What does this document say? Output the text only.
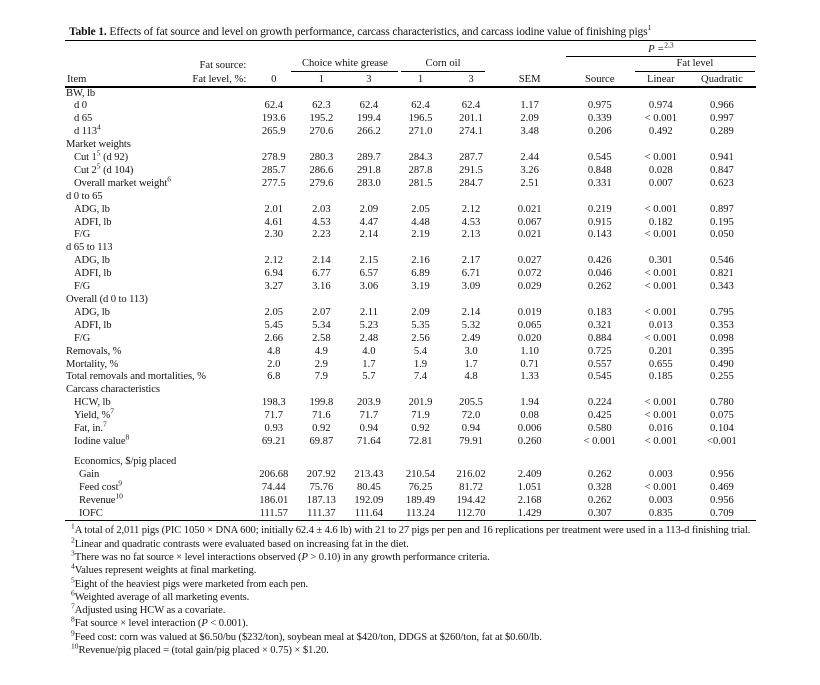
Table 1. Effects of fat source and level on growth performance, carcass characteristics, and carcass iodine value of finishing pigs$^1$
								P =$^{2,3}$
	Fat source:		Choice white grease		Corn oil				Fat level	

Item	Fat level, %:	0	1	3	1	3	SEM	Source	Linear	Quadratic
BW, lb										
d 0		62.4	62.3	62.4	62.4	62.4	1.17	0.975	0.974	0.966
d 65		193.6	195.2	199.4	196.5	201.1	2.09	0.339	< 0.001	0.997
d $113^4$		265.9	270.6	266.2	271.0	274.1	3.48	0.206	0.492	0.289
Market weights										
Cut $1^5$ (d 92)		278.9	280.3	289.7	284.3	287.7	2.44	0.545	< 0.001	0.941
Cut $2^5$ (d 104)		285.7	286.6	291.8	287.8	291.5	3.26	0.848	0.028	0.847
Overall market weight$^6$		277.5	279.6	283.0	281.5	284.7	2.51	0.331	0.007	0.623
d 0 to 65										
ADG, lb		2.01	2.03	2.09	2.05	2.12	0.021	0.219	< 0.001	0.897
ADFI, lb		4.61	4.53	4.47	4.48	4.53	0.067	0.915	0.182	0.195
F/G		2.30	2.23	2.14	2.19	2.13	0.021	0.143	< 0.001	0.050
d 65 to 113										
ADG, lb		2.12	2.14	2.15	2.16	2.17	0.027	0.426	0.301	0.546
ADFI, lb		6.94	6.77	6.57	6.89	6.71	0.072	0.046	< 0.001	0.821
F/G		3.27	3.16	3.06	3.19	3.09	0.029	0.262	< 0.001	0.343
Overall (d 0 to 113)										
ADG, lb		2.05	2.07	2.11	2.09	2.14	0.019	0.183	< 0.001	0.795
ADFI, lb		5.45	5.34	5.23	5.35	5.32	0.065	0.321	0.013	0.353
F/G		2.66	2.58	2.48	2.56	2.49	0.020	0.884	< 0.001	0.098
Removals, %		4.8	4.9	4.0	5.4	3.0	1.10	0.725	0.201	0.395
Mortality, %		2.0	2.9	1.7	1.9	1.7	0.71	0.557	0.655	0.490
Total removals and mortalities, %		6.8	7.9	5.7	7.4	4.8	1.33	0.545	0.185	0.255
Carcass characteristics										
HCW, lb		198.3	199.8	203.9	201.9	205.5	1.94	0.224	< 0.001	0.780
Yield, %$^7$		71.7	71.6	71.7	71.9	72.0	0.08	0.425	< 0.001	0.075
Fat, in.$^7$		0.93	0.92	0.94	0.92	0.94	0.006	0.580	0.016	0.104
Iodine value$^8$		69.21	69.87	71.64	72.81	79.91	0.260	< 0.001	< 0.001	<0.001
Economics, $/pig placed										
Gain		206.68	207.92	213.43	210.54	216.02	2.409	0.262	0.003	0.956
Feed cost$^9$		74.44	75.76	80.45	76.25	81.72	1.051	0.328	< 0.001	0.469
Revenue$^{10}$		186.01	187.13	192.09	189.49	194.42	2.168	0.262	0.003	0.956
IOFC		111.57	111.37	111.64	113.24	112.70	1.429	0.307	0.835	0.709

$^1$A total of 2,011 pigs (PIC 1050 × DNA 600; initially 62.4 ± 4.6 lb) with 21 to 27 pigs per pen and 16 replications per treatment were used in a 113-d finishing trial.

$^2$Linear and quadratic contrasts were evaluated based on increasing fat in the diet.

$^3$There was no fat source × level interactions observed (P > 0.10) in any growth performance criteria.

$^4$Values represent weights at final marketing.

$^5$Eight of the heaviest pigs were marketed from each pen.

$^6$Weighted average of all marketing events.

$^7$Adjusted using HCW as a covariate.

$^8$Fat source × level interaction (P < 0.001).

$^9$Feed cost: corn was valued at $6.50/bu ($232/ton), soybean meal at $420/ton, DDGS at $260/ton, fat at $0.60/lb.

$^{10}$Revenue/pig placed = (total gain/pig placed × 0.75) × $1.20.
